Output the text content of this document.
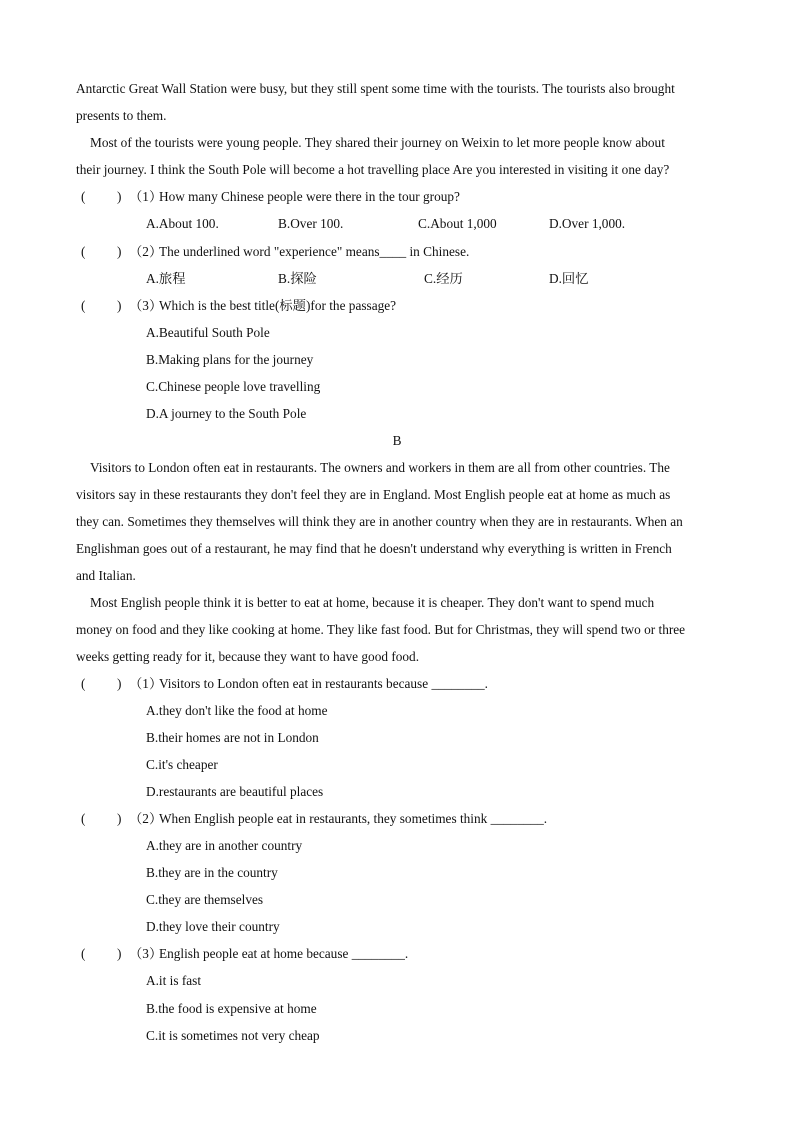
Antarctic Great Wall Station were busy, but they still spent some time with the tourists. The tourists also brought
presents to them.
Most of the tourists were young people. They shared their journey on Weixin to let more people know about
their journey. I think the South Pole will become a hot travelling place Are you interested in visiting it one day?
( ) （1）How many Chinese people were there in the tour group?
A.About 100.	B.Over 100.	C.About 1,000	D.Over 1,000.
( ) （2）The underlined word "experience" means____ in Chinese.
A.旅程	B.探险	C.经历	D.回忆
( ) （3）Which is the best title(标题)for the passage?
A.Beautiful South Pole
B.Making plans for the journey
C.Chinese people love travelling
D.A journey to the South Pole
B
Visitors to London often eat in restaurants. The owners and workers in them are all from other countries. The
visitors say in these restaurants they don't feel they are in England. Most English people eat at home as much as
they can. Sometimes they themselves will think they are in another country when they are in restaurants. When an
Englishman goes out of a restaurant, he may find that he doesn't understand why everything is written in French
and Italian.
Most English people think it is better to eat at home, because it is cheaper. They don't want to spend much
money on food and they like cooking at home. They like fast food. But for Christmas, they will spend two or three
weeks getting ready for it, because they want to have good food.
( ) （1）Visitors to London often eat in restaurants because ________.
A.they don't like the food at home
B.their homes are not in London
C.it's cheaper
D.restaurants are beautiful places
( ) （2）When English people eat in restaurants, they sometimes think ________.
A.they are in another country
B.they are in the country
C.they are themselves
D.they love their country
( ) （3）English people eat at home because ________.
A.it is fast
B.the food is expensive at home
C.it is sometimes not very cheap
